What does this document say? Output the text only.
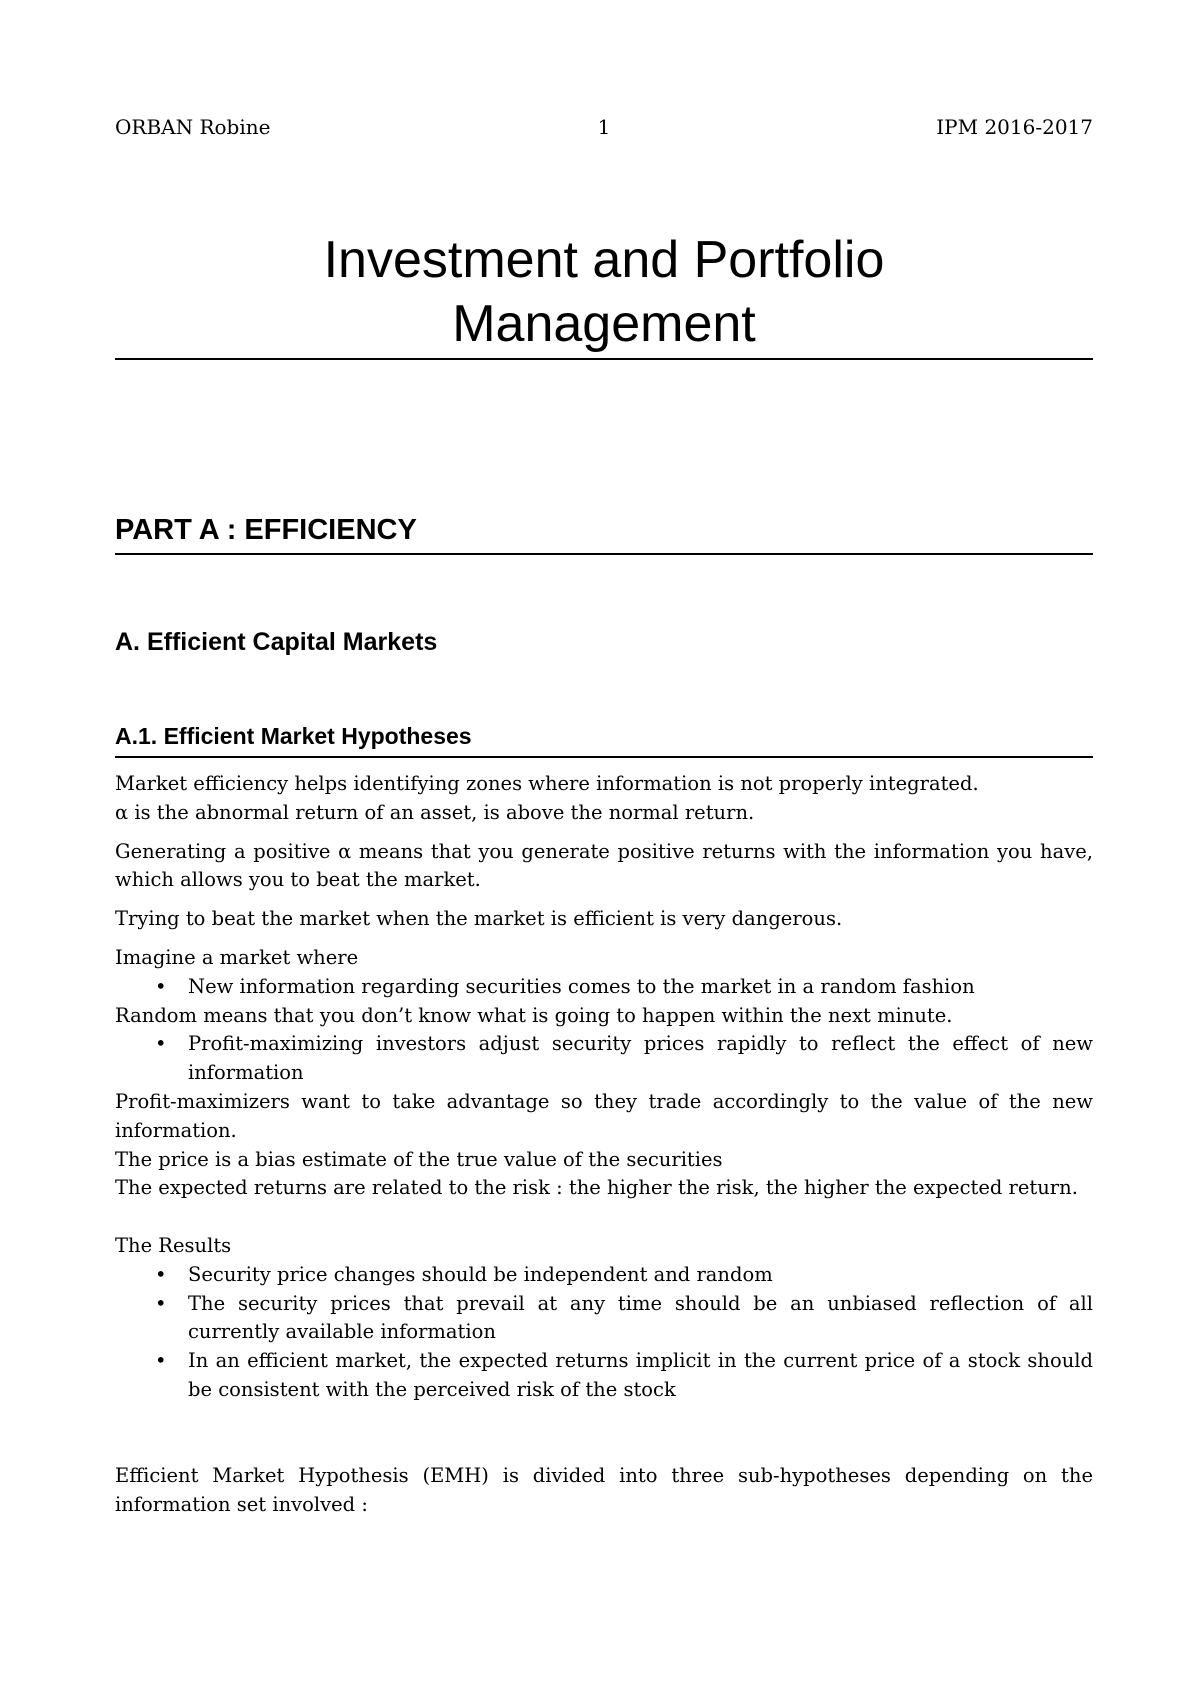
ORBAN Robine	1	IPM 2016-2017
Investment and Portfolio
Management
PART A : EFFICIENCY
A. Efficient Capital Markets
A.1. Efficient Market Hypotheses

Market efficiency helps identifying zones where information is not properly integrated.

α is the abnormal return of an asset, is above the normal return.

Generating a positive α means that you generate positive returns with the information you have, which allows you to beat the market.

Trying to beat the market when the market is efficient is very dangerous.

Imagine a market where

• New information regarding securities comes to the market in a random fashion

Random means that you don’t know what is going to happen within the next minute.

• Profit-maximizing investors adjust security prices rapidly to reflect the effect of new information

Profit-maximizers want to take advantage so they trade accordingly to the value of the new information.

The price is a bias estimate of the true value of the securities

The expected returns are related to the risk : the higher the risk, the higher the expected return.

The Results

• Security price changes should be independent and random
• The security prices that prevail at any time should be an unbiased reflection of all currently available information
• In an efficient market, the expected returns implicit in the current price of a stock should be consistent with the perceived risk of the stock

Efficient Market Hypothesis (EMH) is divided into three sub-hypotheses depending on the information set involved :
